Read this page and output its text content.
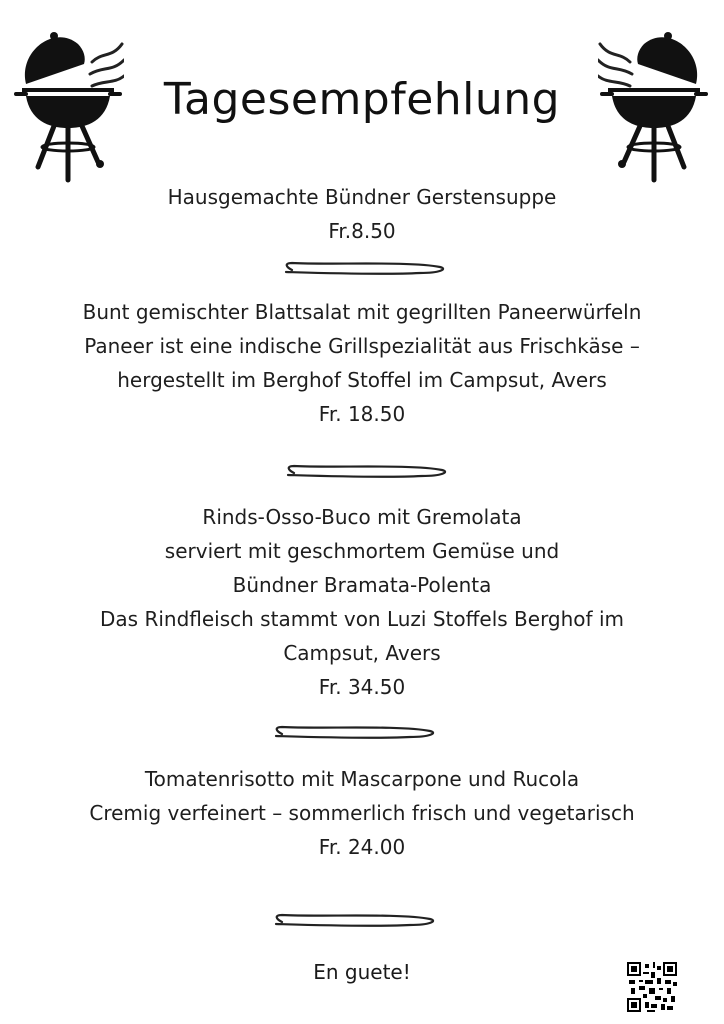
Tagesempfehlung
Hausgemachte Bündner Gerstensuppe
Fr.8.50
Bunt gemischter Blattsalat mit gegrillten Paneerwürfeln
Paneer ist eine indische Grillspezialität aus Frischkäse –
hergestellt im Berghof Stoffel im Campsut, Avers
Fr. 18.50
Rinds-Osso-Buco mit Gremolata
serviert mit geschmortem Gemüse und
Bündner Bramata-Polenta
Das Rindfleisch stammt von Luzi Stoffels Berghof im
Campsut, Avers
Fr. 34.50
Tomatenrisotto mit Mascarpone und Rucola
Cremig verfeinert – sommerlich frisch und vegetarisch
Fr. 24.00
En guete!
